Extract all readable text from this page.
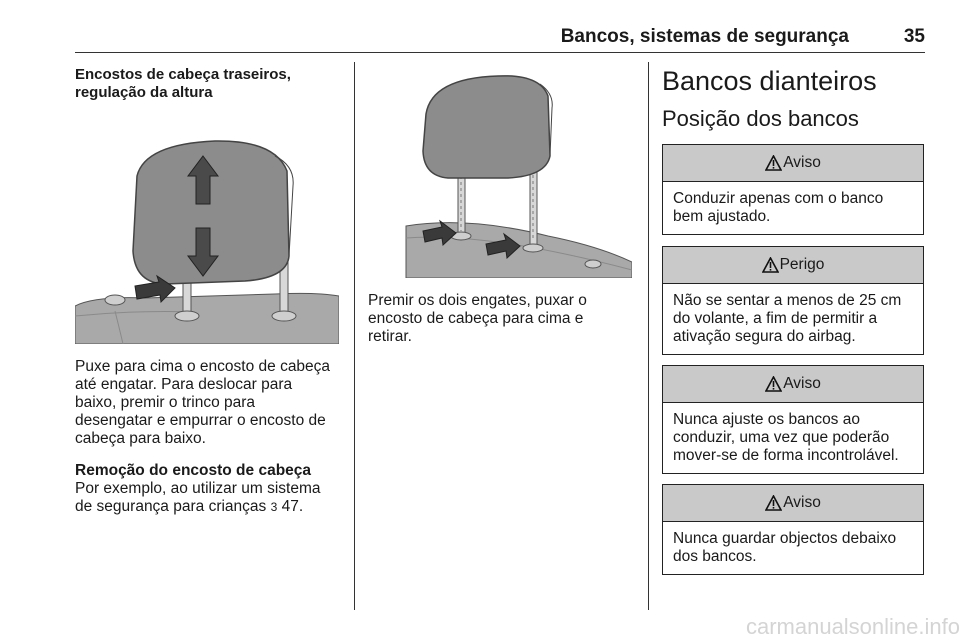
Bancos, sistemas de segurança	35

Encostos de cabeça traseiros,
regulação da altura

Puxe para cima o encosto de cabeça

até engatar. Para deslocar para

baixo, premir o trinco para

desengatar e empurrar o encosto de

cabeça para baixo.

Remoção do encosto de cabeça

Por exemplo, ao utilizar um sistema

de segurança para crianças 3 47.

Premir os dois engates, puxar o

encosto de cabeça para cima e

retirar.

Bancos dianteiros
Posição dos bancos
Aviso
Conduzir apenas com o banco
bem ajustado.
Perigo
Não se sentar a menos de 25 cm
do volante, a fim de permitir a
ativação segura do airbag.
Aviso
Nunca ajuste os bancos ao
conduzir, uma vez que poderão
mover-se de forma incontrolável.
Aviso
Nunca guardar objectos debaixo
dos bancos.
carmanualsonline.info
